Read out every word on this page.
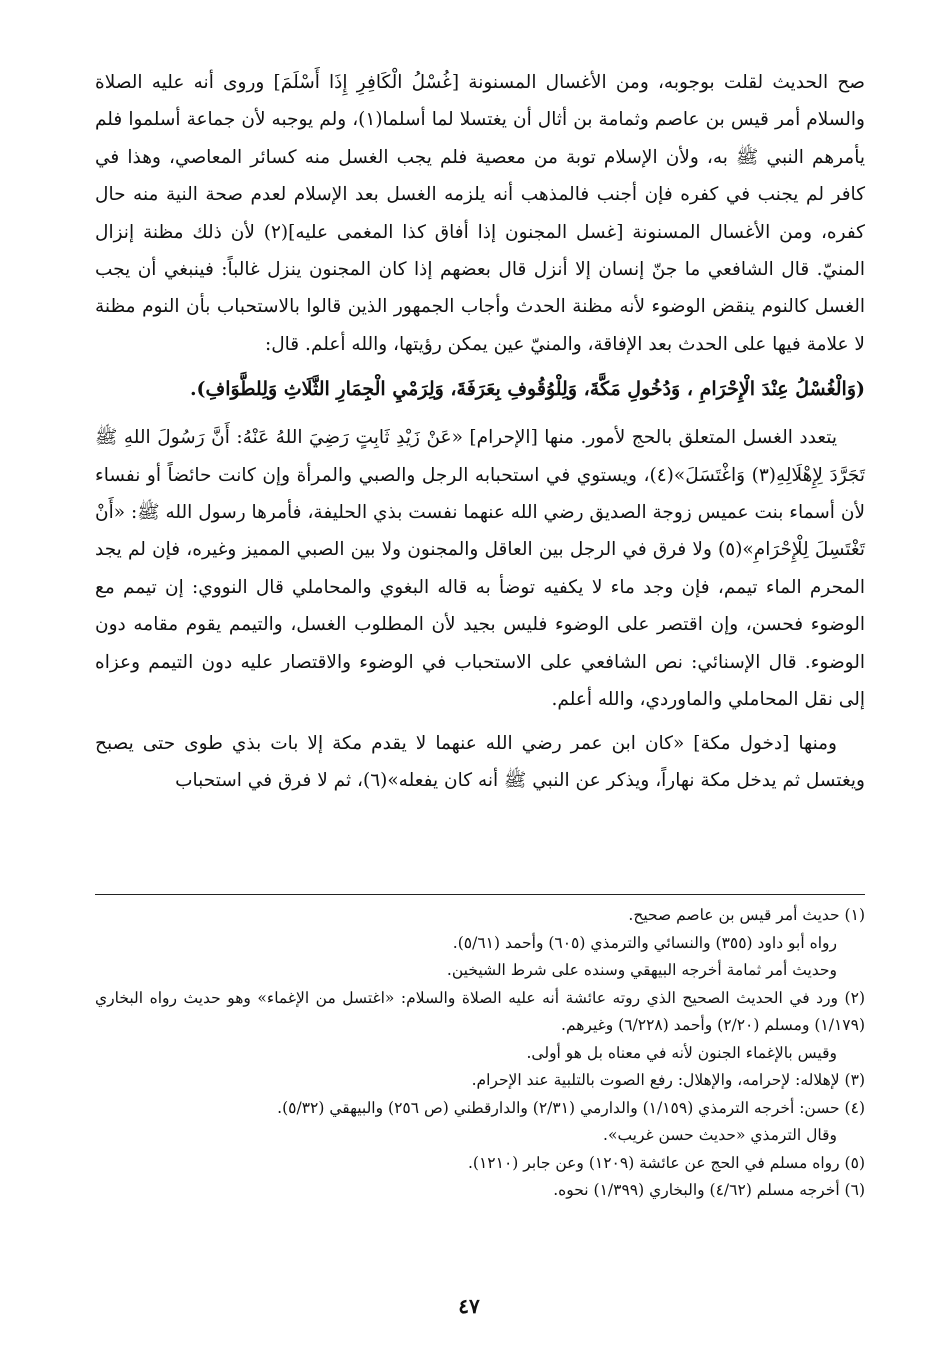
صح الحديث لقلت بوجوبه، ومن الأغسال المسنونة [غُسْلُ الْكَافِرِ إِذَا أَسْلَمَ] وروى أنه عليه الصلاة والسلام أمر قيس بن عاصم وثمامة بن أثال أن يغتسلا لما أسلما(١)، ولم يوجبه لأن جماعة أسلموا فلم يأمرهم النبي ﷺ به، ولأن الإسلام توبة من معصية فلم يجب الغسل منه كسائر المعاصي، وهذا في كافر لم يجنب في كفره فإن أجنب فالمذهب أنه يلزمه الغسل بعد الإسلام لعدم صحة النية منه حال كفره، ومن الأغسال المسنونة [غسل المجنون إذا أفاق كذا المغمى عليه](٢) لأن ذلك مظنة إنزال المنيّ. قال الشافعي ما جنّ إنسان إلا أنزل قال بعضهم إذا كان المجنون ينزل غالباً: فينبغي أن يجب الغسل كالنوم ينقض الوضوء لأنه مظنة الحدث وأجاب الجمهور الذين قالوا بالاستحباب بأن النوم مظنة لا علامة فيها على الحدث بعد الإفاقة، والمنيّ عين يمكن رؤيتها، والله أعلم. قال:

(وَالْغُسْلُ عِنْدَ الْإِحْرَامِ ، وَدُخُولِ مَكَّةَ، وَلِلْوُقُوفِ بِعَرَفَةَ، وَلِرَمْيِ الْجِمَارِ الثَّلَاثِ وَلِلطَّوَافِ).

يتعدد الغسل المتعلق بالحج لأمور. منها [الإحرام] «عَنْ زَيْدِ ثَابِتٍ رَضِيَ اللهُ عَنْهُ: أَنَّ رَسُولَ اللهِ ﷺ تَجَرَّدَ لِإِهْلَالِهِ(٣) وَاغْتَسَلَ»(٤)، ويستوي في استحبابه الرجل والصبي والمرأة وإن كانت حائضاً أو نفساء لأن أسماء بنت عميس زوجة الصديق رضي الله عنهما نفست بذي الحليفة، فأمرها رسول الله ﷺ: «أَنْ تَغْتَسِلَ لِلْإِحْرَامِ»(٥) ولا فرق في الرجل بين العاقل والمجنون ولا بين الصبي المميز وغيره، فإن لم يجد المحرم الماء تيمم، فإن وجد ماء لا يكفيه توضأ به قاله البغوي والمحاملي قال النووي: إن تيمم مع الوضوء فحسن، وإن اقتصر على الوضوء فليس بجيد لأن المطلوب الغسل، والتيمم يقوم مقامه دون الوضوء. قال الإسنائي: نص الشافعي على الاستحباب في الوضوء والاقتصار عليه دون التيمم وعزاه إلى نقل المحاملي والماوردي، والله أعلم.

ومنها [دخول مكة] «كان ابن عمر رضي الله عنهما لا يقدم مكة إلا بات بذي طوى حتى يصبح ويغتسل ثم يدخل مكة نهاراً، ويذكر عن النبي ﷺ أنه كان يفعله»(٦)، ثم لا فرق في استحباب

(١) حديث أمر قيس بن عاصم صحيح.

رواه أبو داود (٣٥٥) والنسائي والترمذي (٦٠٥) وأحمد (٥/٦١).

وحديث أمر ثمامة أخرجه البيهقي وسنده على شرط الشيخين.

(٢) ورد في الحديث الصحيح الذي روته عائشة أنه عليه الصلاة والسلام: «اغتسل من الإغماء» وهو حديث رواه البخاري (١/١٧٩) ومسلم (٢/٢٠) وأحمد (٦/٢٢٨) وغيرهم.

وقيس بالإغماء الجنون لأنه في معناه بل هو أولى.

(٣) لإهلاله: لإحرامه، والإهلال: رفع الصوت بالتلبية عند الإحرام.

(٤) حسن: أخرجه الترمذي (١/١٥٩) والدارمي (٢/٣١) والدارقطني (ص ٢٥٦) والبيهقي (٥/٣٢).

وقال الترمذي «حديث حسن غريب».

(٥) رواه مسلم في الحج عن عائشة (١٢٠٩) وعن جابر (١٢١٠).

(٦) أخرجه مسلم (٤/٦٢) والبخاري (١/٣٩٩) نحوه.

٤٧
